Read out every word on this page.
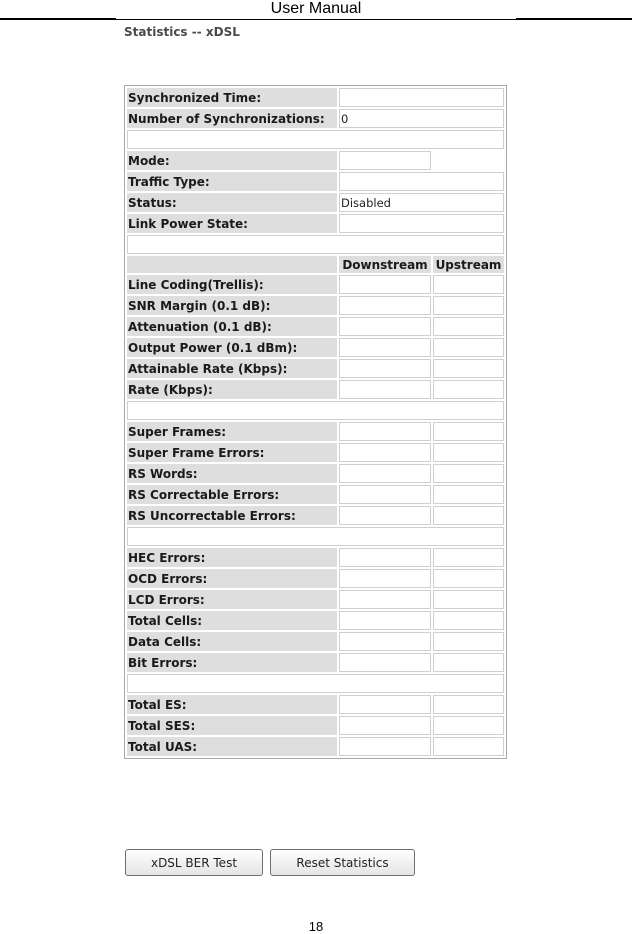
User Manual
Statistics -- xDSL
Synchronized Time:		
Number of Synchronizations:	0	

Mode:		
Traffic Type:		
Status:	Disabled	
Link Power State:		

	Downstream	Upstream
Line Coding(Trellis):		
SNR Margin (0.1 dB):		
Attenuation (0.1 dB):		
Output Power (0.1 dBm):		
Attainable Rate (Kbps):		
Rate (Kbps):		

Super Frames:		
Super Frame Errors:		
RS Words:		
RS Correctable Errors:		
RS Uncorrectable Errors:		

HEC Errors:		
OCD Errors:		
LCD Errors:		
Total Cells:		
Data Cells:		
Bit Errors:		

Total ES:		
Total SES:		
Total UAS:		
xDSL BER Test	Reset Statistics
18
